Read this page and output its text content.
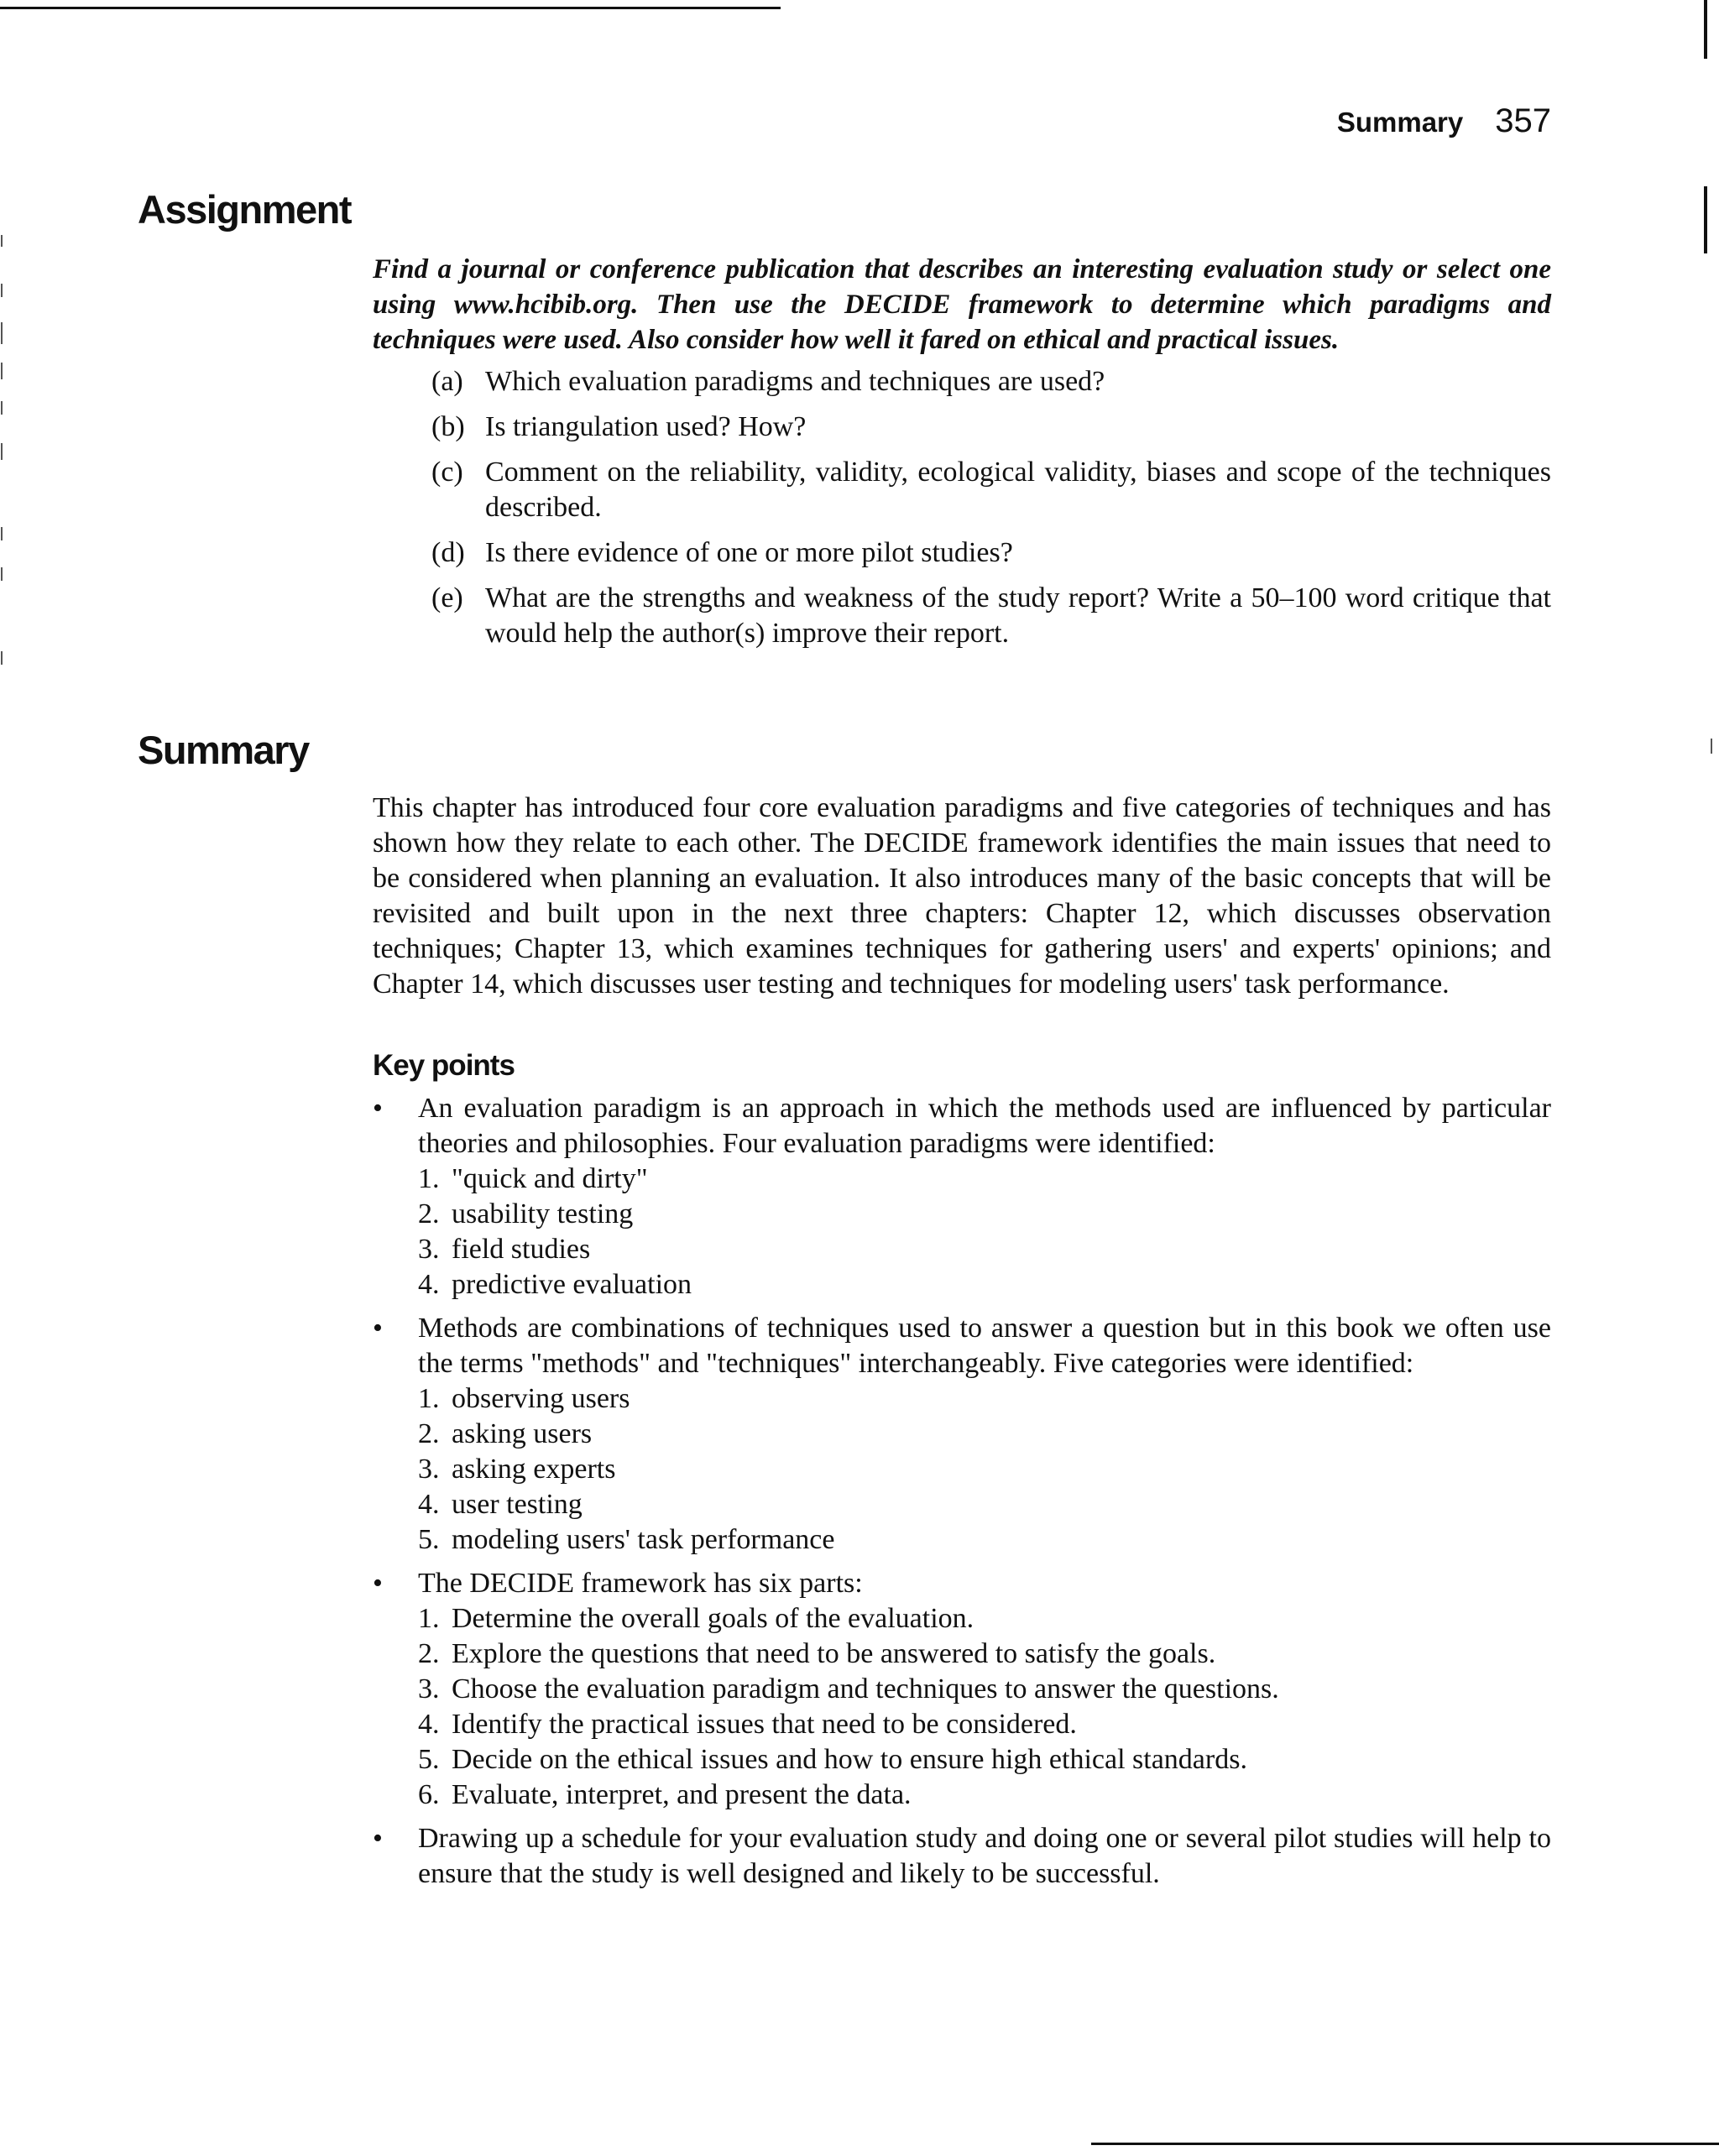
Summary 357
Assignment

Find a journal or conference publication that describes an interesting evaluation study or select one using www.hcibib.org. Then use the DECIDE framework to determine which paradigms and techniques were used. Also consider how well it fared on ethical and practical issues.

(a) Which evaluation paradigms and techniques are used?
(b) Is triangulation used? How?
(c) Comment on the reliability, validity, ecological validity, biases and scope of the techniques described.
(d) Is there evidence of one or more pilot studies?
(e) What are the strengths and weakness of the study report? Write a 50–100 word critique that would help the author(s) improve their report.
Summary

This chapter has introduced four core evaluation paradigms and five categories of techniques and has shown how they relate to each other. The DECIDE framework identifies the main issues that need to be considered when planning an evaluation. It also introduces many of the basic concepts that will be revisited and built upon in the next three chapters: Chapter 12, which discusses observation techniques; Chapter 13, which examines techniques for gathering users' and experts' opinions; and Chapter 14, which discusses user testing and techniques for modeling users' task performance.

Key points
• An evaluation paradigm is an approach in which the methods used are influenced by particular theories and philosophies. Four evaluation paradigms were identified:

1. "quick and dirty"
2. usability testing
3. field studies
4. predictive evaluation
• Methods are combinations of techniques used to answer a question but in this book we often use the terms "methods" and "techniques" interchangeably. Five categories were identified:

1. observing users
2. asking users
3. asking experts
4. user testing
5. modeling users' task performance
• The DECIDE framework has six parts:

1. Determine the overall goals of the evaluation.
2. Explore the questions that need to be answered to satisfy the goals.
3. Choose the evaluation paradigm and techniques to answer the questions.
4. Identify the practical issues that need to be considered.
5. Decide on the ethical issues and how to ensure high ethical standards.
6. Evaluate, interpret, and present the data.
• Drawing up a schedule for your evaluation study and doing one or several pilot studies will help to ensure that the study is well designed and likely to be successful.
